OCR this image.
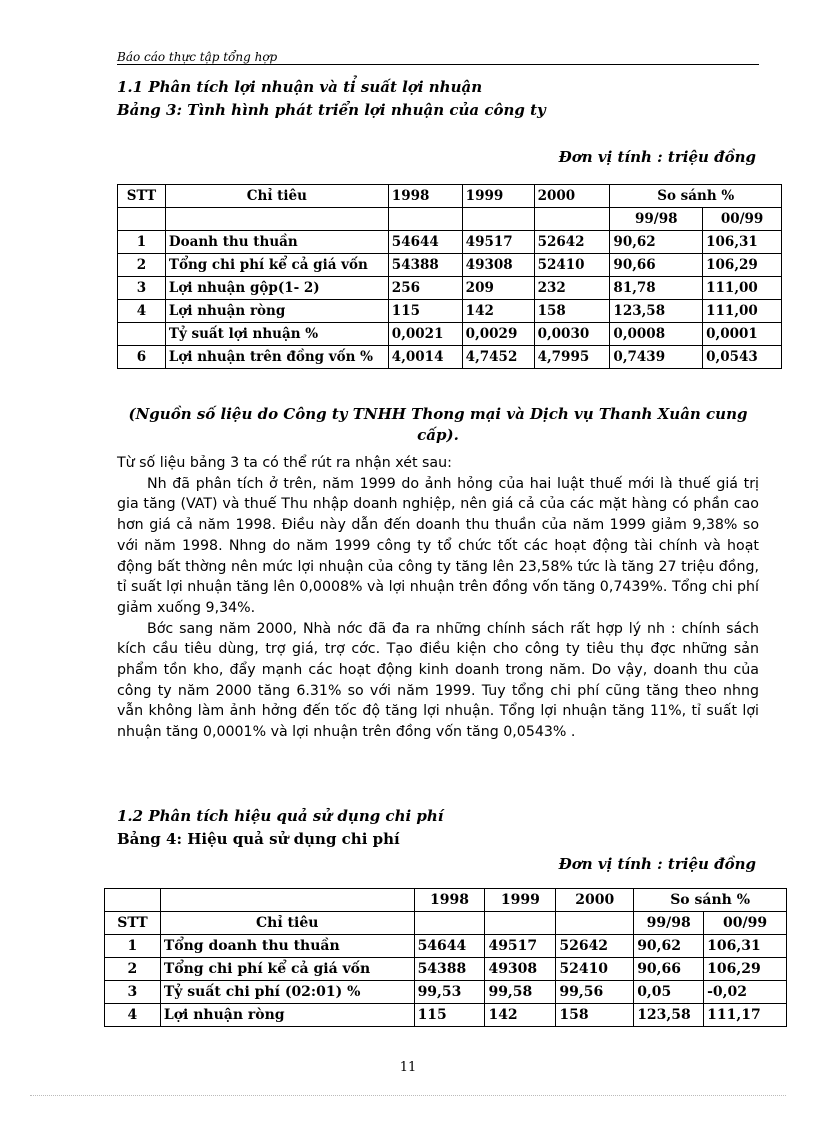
Báo cáo thực tập tổng hợp
1.1 Phân tích lợi nhuận và tỉ suất lợi nhuận
Bảng 3: Tình hình phát triển lợi nhuận của công ty
Đơn vị tính : triệu đồng
STT	Chỉ tiêu	1998	1999	2000	So sánh %	
					99/98	00/99
1	Doanh thu thuần	54644	49517	52642	90,62	106,31
2	Tổng chi phí kể cả giá vốn	54388	49308	52410	90,66	106,29
3	Lợi nhuận gộp(1- 2)	256	209	232	81,78	111,00
4	Lợi nhuận ròng	115	142	158	123,58	111,00
	Tỷ suất lợi nhuận %	0,0021	0,0029	0,0030	0,0008	0,0001
6	Lợi nhuận trên đồng vốn %	4,0014	4,7452	4,7995	0,7439	0,0543
(Nguồn số liệu do Công ty TNHH Thong mại và Dịch vụ Thanh Xuân cung cấp).

Từ số liệu bảng 3 ta có thể rút ra nhận xét sau:

Nh đã phân tích ở trên, năm 1999 do ảnh hỏng của hai luật thuế mới là thuế giá trị gia tăng (VAT) và thuế Thu nhập doanh nghiệp, nên giá cả của các mặt hàng có phần cao hơn giá cả năm 1998. Điều này dẫn đến doanh thu thuần của năm 1999 giảm 9,38% so với năm 1998. Nhng do năm 1999 công ty tổ chức tốt các hoạt động tài chính và hoạt động bất thờng nên mức lợi nhuận của công ty tăng lên 23,58% tức là tăng 27 triệu đồng, tỉ suất lợi nhuận tăng lên 0,0008% và lợi nhuận trên đồng vốn tăng 0,7439%. Tổng chi phí giảm xuống 9,34%.

Bớc sang năm 2000, Nhà nớc đã đa ra những chính sách rất hợp lý nh : chính sách kích cầu tiêu dùng, trợ giá, trợ cớc. Tạo điều kiện cho công ty tiêu thụ đợc những sản phẩm tồn kho, đẩy mạnh các hoạt động kinh doanh trong năm. Do vậy, doanh thu của công ty năm 2000 tăng 6.31% so với năm 1999. Tuy tổng chi phí cũng tăng theo nhng vẫn không làm ảnh hởng đến tốc độ tăng lợi nhuận. Tổng lợi nhuận tăng 11%, tỉ suất lợi nhuận tăng 0,0001% và lợi nhuận trên đồng vốn tăng 0,0543% .

1.2 Phân tích hiệu quả sử dụng chi phí
Bảng 4: Hiệu quả sử dụng chi phí
Đơn vị tính : triệu đồng
		1998	1999	2000	So sánh %	
STT	Chỉ tiêu				99/98	00/99
1	Tổng doanh thu thuần	54644	49517	52642	90,62	106,31
2	Tổng chi phí kể cả giá vốn	54388	49308	52410	90,66	106,29
3	Tỷ suất chi phí (02:01) %	99,53	99,58	99,56	0,05	-0,02
4	Lợi nhuận ròng	115	142	158	123,58	111,17
11
